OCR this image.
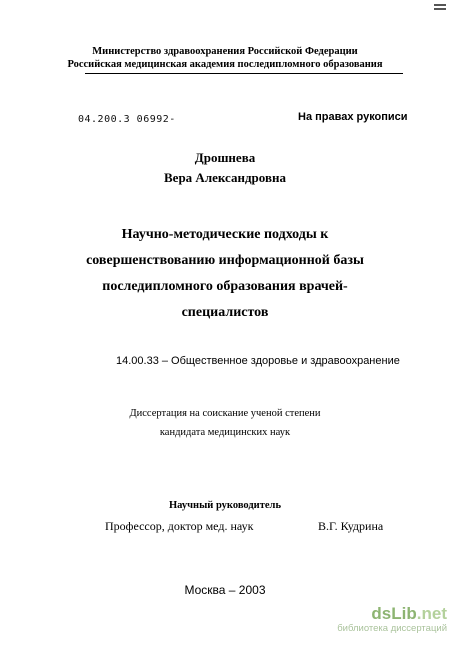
Министерство здравоохранения Российской Федерации
Российская медицинская академия последипломного образования
04.200.3 06992-	На правах рукописи
Дрошнева
Вера Александровна
Научно-методические подходы к
совершенствованию информационной базы
последипломного образования врачей-
специалистов
14.00.33 – Общественное здоровье и здравоохранение
Диссертация на соискание ученой степени
кандидата медицинских наук
Научный руководитель
Профессор, доктор мед. наук	В.Г. Кудрина
Москва – 2003
dsLib.net
библиотека диссертаций
